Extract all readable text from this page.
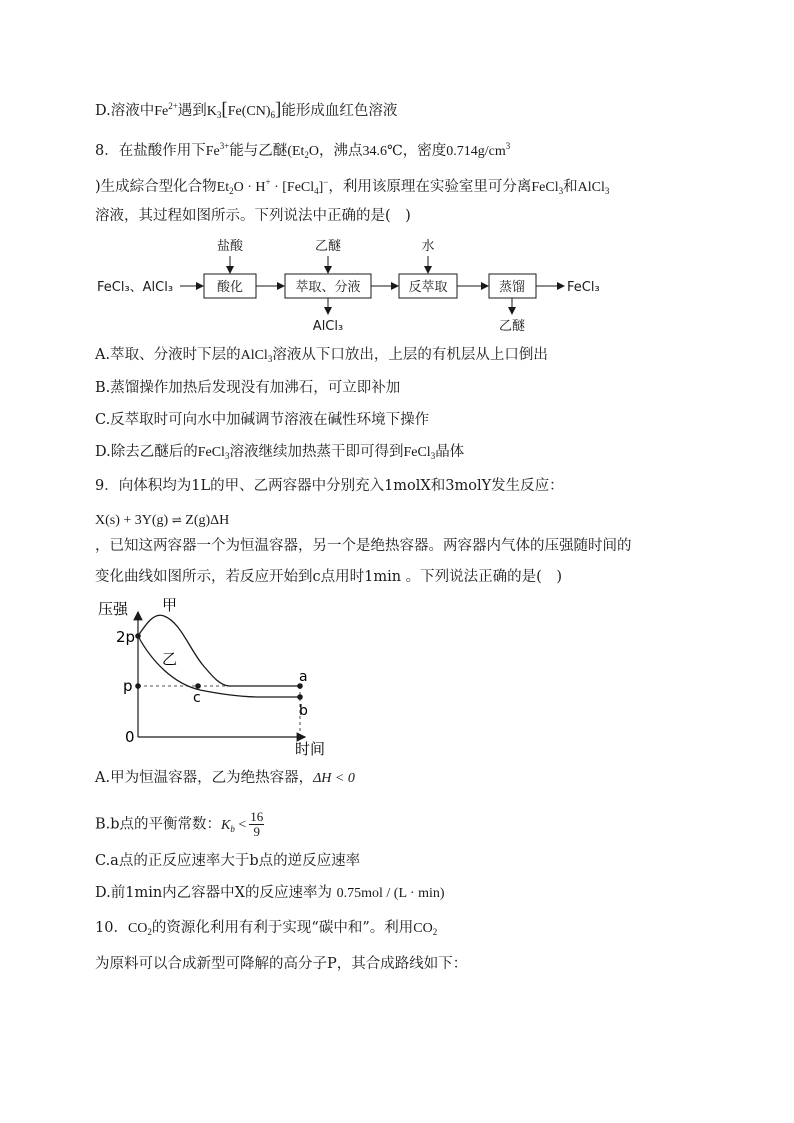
D.溶液中$Fe^{2+}$遇到$K_3[Fe(CN)_6]$能形成血红色溶液
8．在盐酸作用下$Fe^{3+}$能与乙醚($Et_2O$，沸点34.6℃，密度$0.714g/cm^3$
)生成綜合型化合物$Et_2O \cdot H^+$ · [FeCl$_4$]−，利用该原理在实验室里可分离FeCl$_3$和AlCl$_3$
溶液，其过程如图所示。下列说法中正确的是(　)
FeCl₃、AlCl₃	酸化
盐酸
萃取、分液
乙醚
AlCl₃
反萃取
水
蒸馏
乙醚
FeCl₃
A.萃取、分液时下层的AlCl$_3$溶液从下口放出，上层的有机层从上口倒出
B.蒸馏操作加热后发现没有加沸石，可立即补加
C.反萃取时可向水中加碱调节溶液在碱性环境下操作
D.除去乙醚后的FeCl$_3$溶液继续加热蒸干即可得到FeCl$_3$晶体
9．向体积均为1L的甲、乙两容器中分别充入1molX和3molY发生反应：
X(s) + 3Y(g) ⇌ Z(g)ΔH
，已知这两容器一个为恒温容器，另一个是绝热容器。两容器内气体的压强随时间的
变化曲线如图所示，若反应开始到c点用时1min 。下列说法正确的是(　)
压强
时间
2p
p
0
甲
乙
c
a
b
A.甲为恒温容器，乙为绝热容器，ΔH < 0
B.b点的平衡常数：$K_b < \frac{16}{9}$
C.a点的正反应速率大于b点的逆反应速率
D.前1min内乙容器中X的反应速率为 0.75mol / (L · min)
10．$CO_2$的资源化利用有利于实现“碳中和”。利用$CO_2$
为原料可以合成新型可降解的高分子P，其合成路线如下：
